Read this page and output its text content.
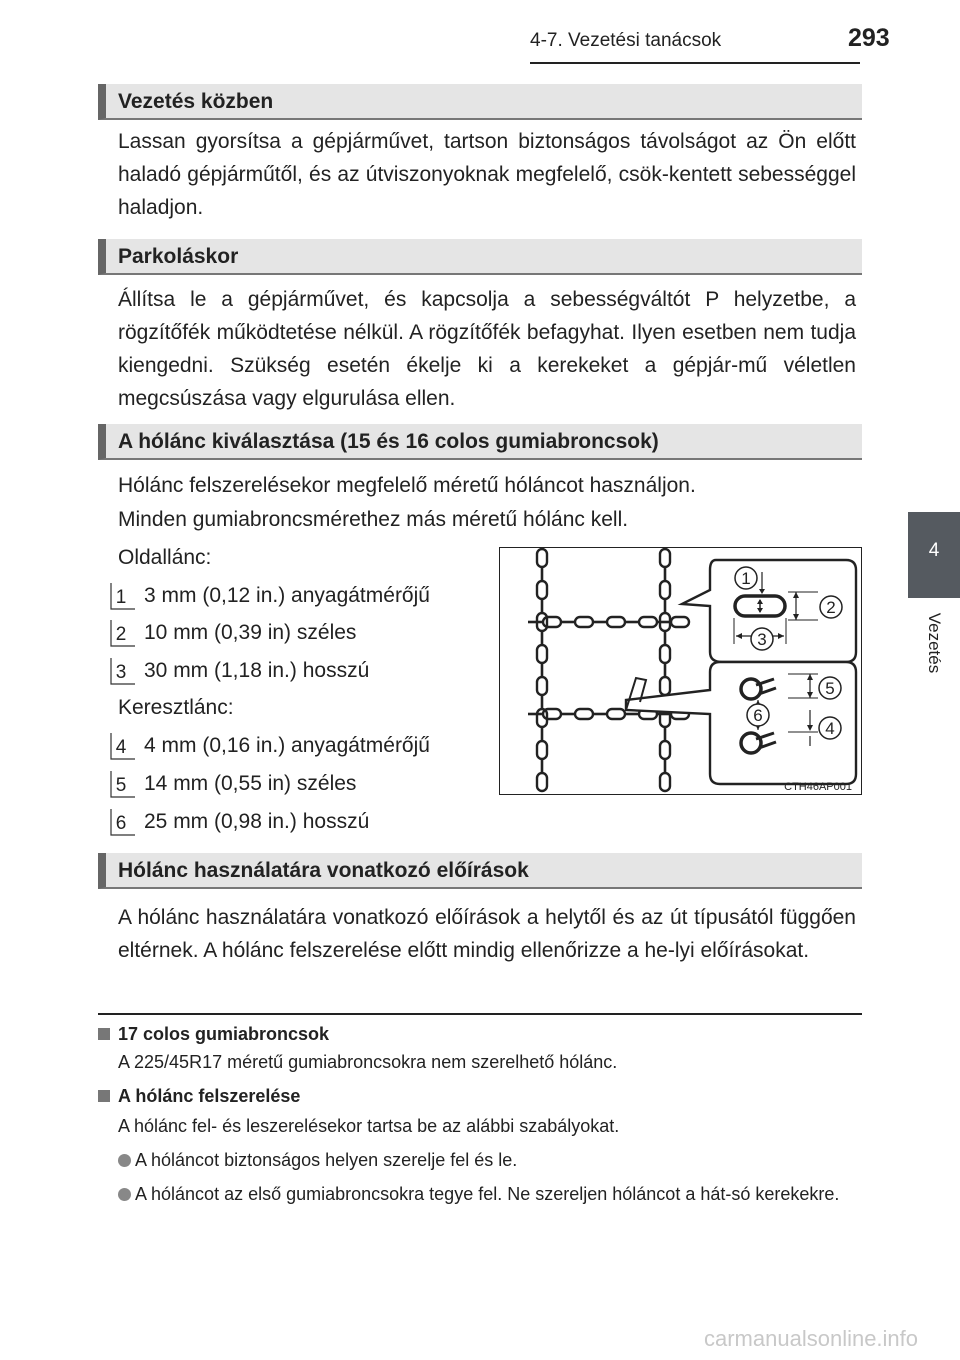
4-7. Vezetési tanácsok	293
4
Vezetés
Vezetés közben
Lassan gyorsítsa a gépjárművet, tartson biztonságos távolságot az Ön előtt haladó gépjárműtől, és az útviszonyoknak megfelelő, csök-kentett sebességgel haladjon.
Parkoláskor
Állítsa le a gépjárművet, és kapcsolja a sebességváltót P helyzetbe, a rögzítőfék működtetése nélkül. A rögzítőfék befagyhat. Ilyen esetben nem tudja kiengedni. Szükség esetén ékelje ki a kerekeket a gépjár-mű véletlen megcsúszása vagy elgurulása ellen.
A hólánc kiválasztása (15 és 16 colos gumiabroncsok)
Hólánc felszerelésekor megfelelő méretű hóláncot használjon.
Minden gumiabroncsmérethez más méretű hólánc kell.
Oldallánc:
1 3 mm (0,12 in.) anyagátmérőjű
2 10 mm (0,39 in) széles
3 30 mm (1,18 in.) hosszú
Keresztlánc:
4 4 mm (0,16 in.) anyagátmérőjű
5 14 mm (0,55 in) széles
6 25 mm (0,98 in.) hosszú
1
2
3
5
6
4
CTH46AP001
Hólánc használatára vonatkozó előírások
A hólánc használatára vonatkozó előírások a helytől és az út típusától függően eltérnek. A hólánc felszerelése előtt mindig ellenőrizze a he-lyi előírásokat.
17 colos gumiabroncsok
A 225/45R17 méretű gumiabroncsokra nem szerelhető hólánc.
A hólánc felszerelése
A hólánc fel- és leszerelésekor tartsa be az alábbi szabályokat.
A hóláncot biztonságos helyen szerelje fel és le.
A hóláncot az első gumiabroncsokra tegye fel. Ne szereljen hóláncot a hát-só kerekekre.
carmanualsonline.info
